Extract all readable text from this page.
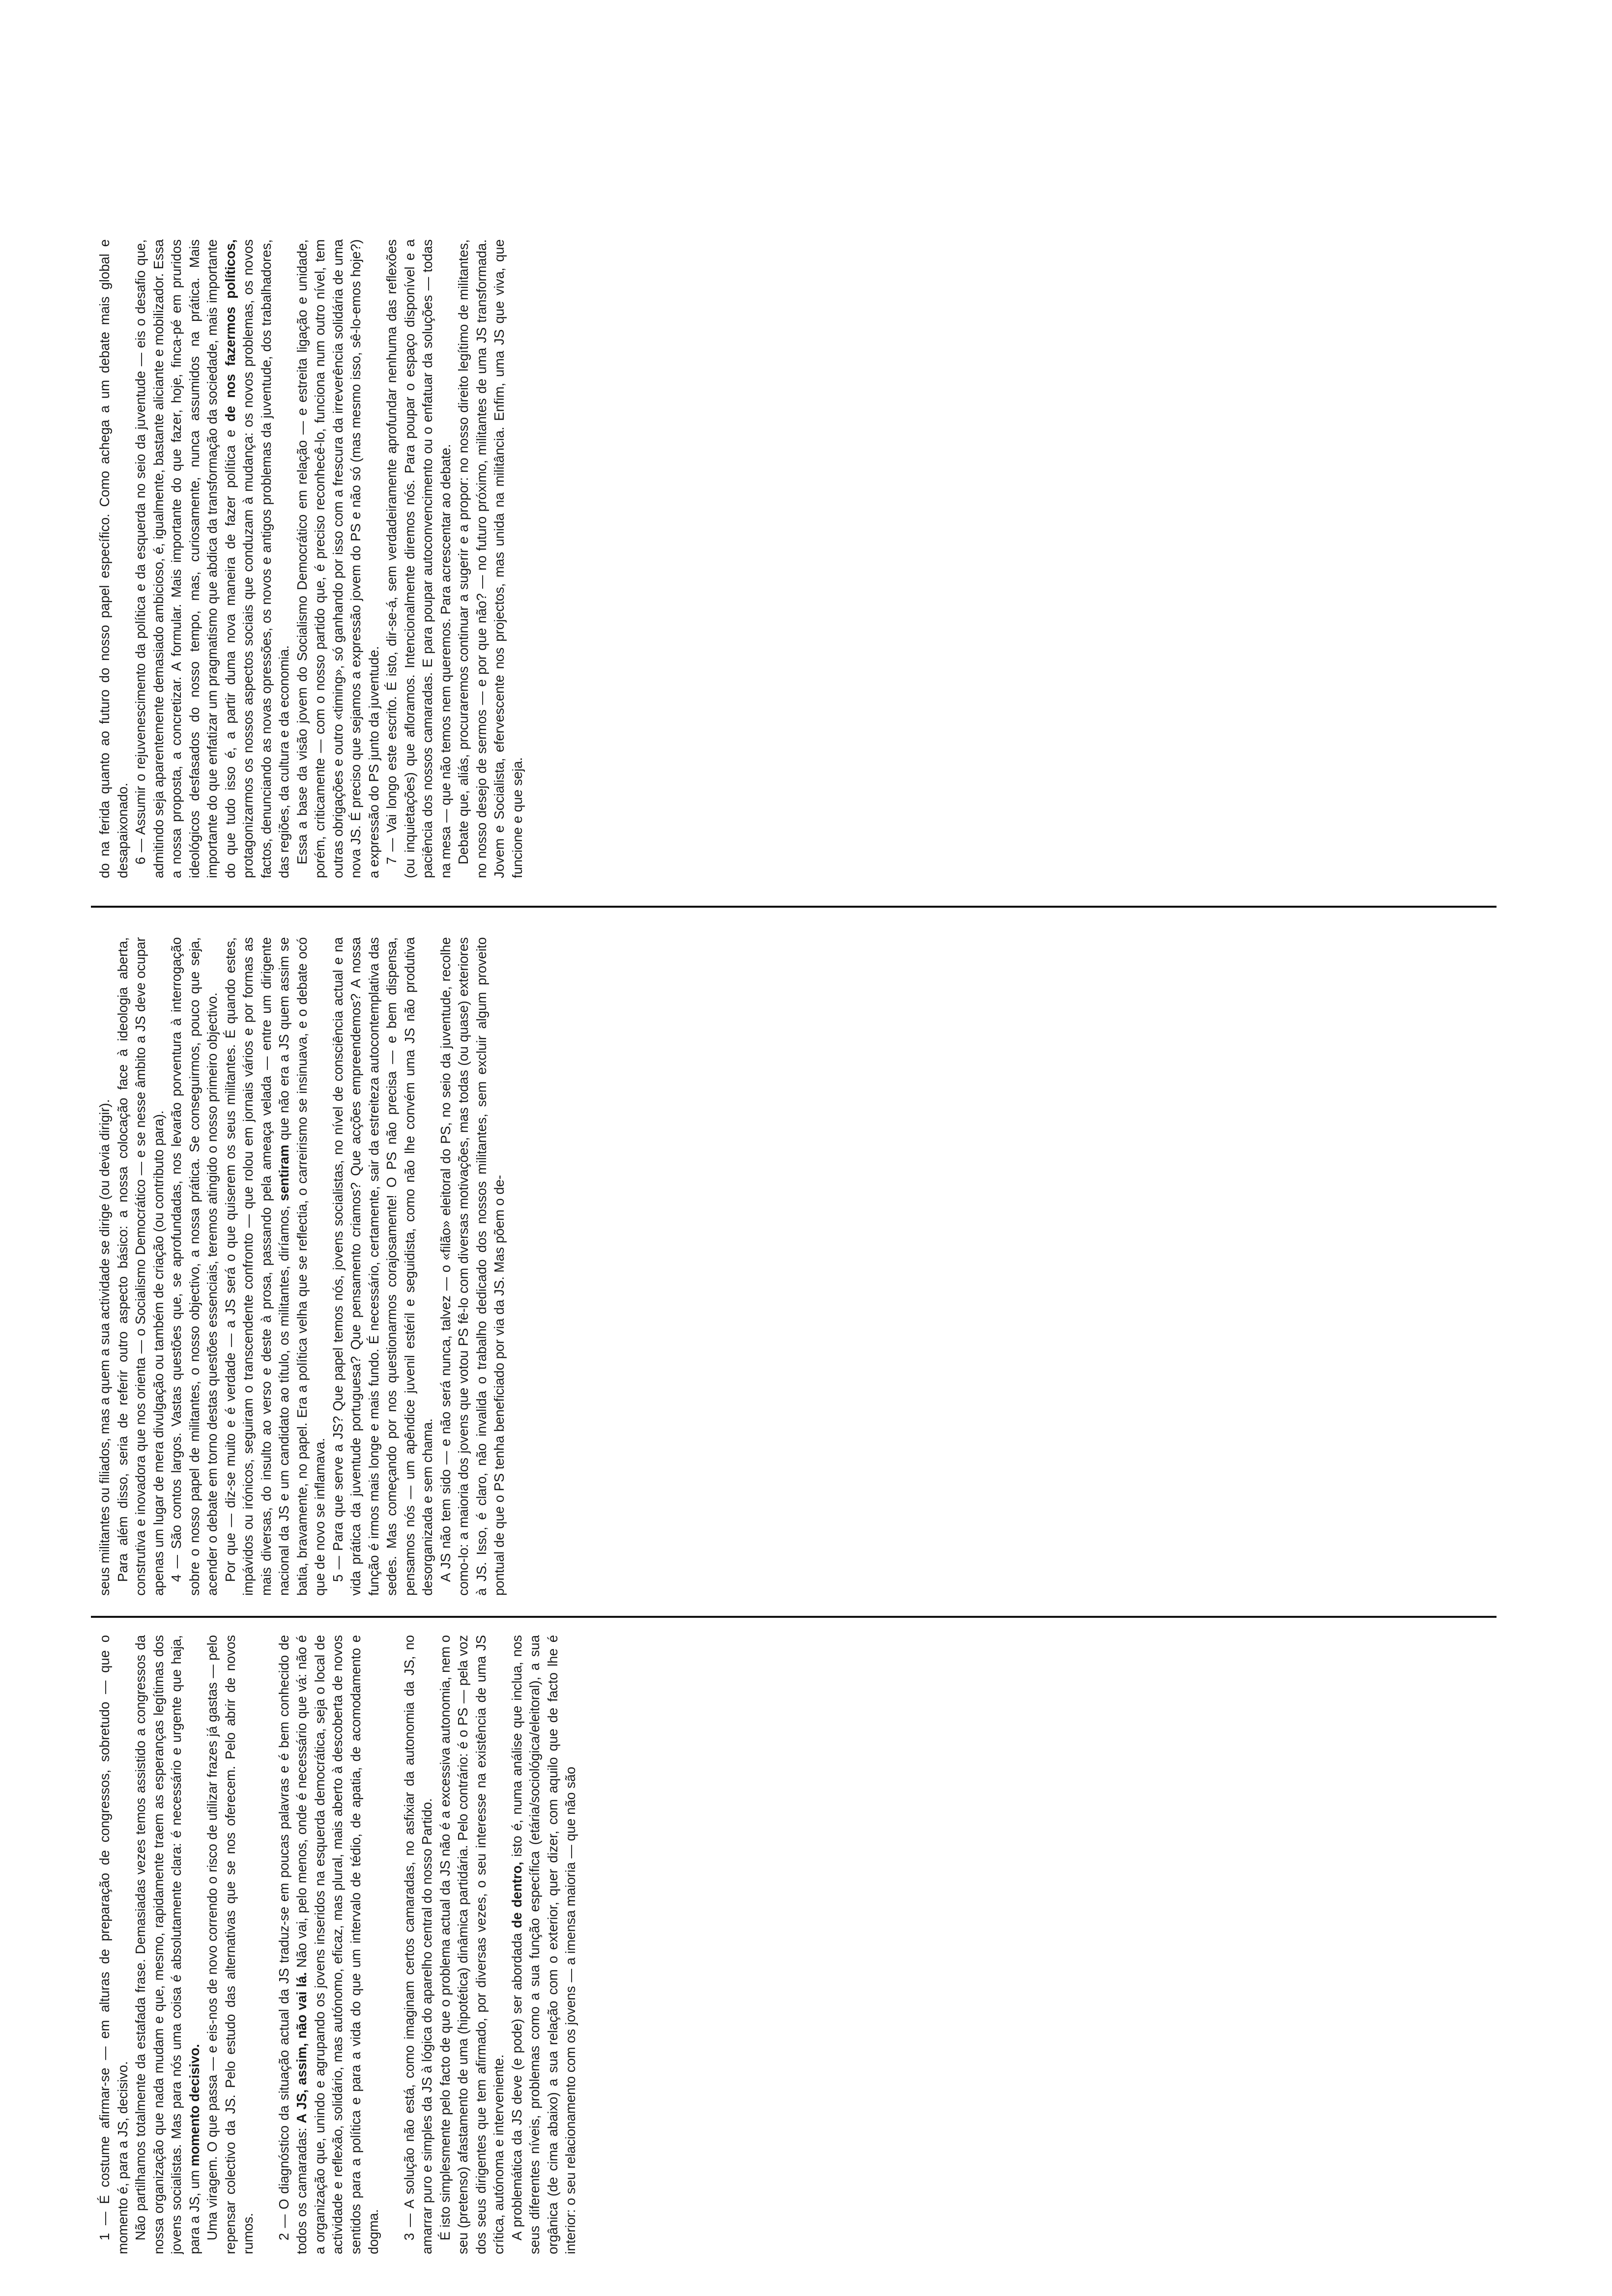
1 — É costume afirmar-se — em alturas de preparação de congressos, sobretudo — que o momento é, para a JS, decisivo. Não partilhamos totalmente da estafada frase. Demasiadas vezes temos assistido a congressos da nossa organização que nada mudam e que, mesmo, rapidamente traem as esperanças legítimas dos jovens socialistas. Mas para nós uma coisa é absolutamente clara: é necessário e urgente que haja, para a JS, um momento decisivo. Uma viragem. O que passa — e eis-nos de novo correndo o risco de utilizar frazes já gastas — pelo repensar colectivo da JS. Pelo estudo das alternativas que se nos oferecem. Pelo abrir de novos rumos. 2 — O diagnóstico da situação actual da JS traduz-se em poucas palavras e é bem conhecido de todos os camaradas: A JS, assim, não vai lá. Não vai, pelo menos, onde é necessário que vá: não é a organização que, unindo e agrupando os jovens inseridos na esquerda democrática, seja o local de actividade e reflexão, solidário, mas autónomo, eficaz, mas plural, mais aberto à descoberta de novos sentidos para a política e para a vida do que um intervalo de tédio, de apatia, de acomodamento e dogma. 3 — A solução não está, como imaginam certos camaradas, no asfixiar da autonomia da JS, no amarrar puro e simples da JS à lógica do aparelho central do nosso Partido. É isto simplesmente pelo facto de que o problema actual da JS não é a excessiva autonomia, nem o seu (pretenso) afastamento de uma (hipotética) dinâmica partidária. Pelo contrário: é o PS — pela voz dos seus dirigentes que tem afirmado, por diversas vezes, o seu interesse na existência de uma JS crítica, autónoma e interveniente. A problemática da JS deve (e pode) ser abordada de dentro, isto é, numa análise que inclua, nos seus diferentes níveis, problemas como a sua função específica (etária/sociológica/eleitoral), a sua orgânica (de cima abaixo) a sua relação com o exterior, quer dizer, com aquilo que de facto lhe é interior: o seu relacionamento com os jovens — a imensa maioria — que não são

seus militantes ou filiados, mas a quem a sua actividade se dirige (ou devia dirigir). Para além disso, seria de referir outro aspecto básico: a nossa colocação face à ideologia aberta, construtiva e inovadora que nos orienta — o Socialismo Democrático — e se nesse âmbito a JS deve ocupar apenas um lugar de mera divulgação ou também de criação (ou contributo para). 4 — São contos largos. Vastas questões que, se aprofundadas, nos levarão porventura à interrogação sobre o nosso papel de militantes, o nosso objectivo, a nossa prática. Se conseguirmos, pouco que seja, acender o debate em torno destas questões essenciais, teremos atingido o nosso primeiro objectivo. Por que — diz-se muito e é verdade — a JS será o que quiserem os seus militantes. É quando estes, impávidos ou irónicos, seguiram o transcendente confronto — que rolou em jornais vários e por formas as mais diversas, do insulto ao verso e deste à prosa, passando pela ameaça velada — entre um dirigente nacional da JS e um candidato ao título, os militantes, diríamos, sentiram que não era a JS quem assim se batia, bravamente, no papel. Era a política velha que se reflectia, o carreirismo se insinuava, e o debate ocó que de novo se inflamava. 5 — Para que serve a JS? Que papel temos nós, jovens socialistas, no nível de consciência actual e na vida prática da juventude portuguesa? Que pensamento criamos? Que acções empreendemos? A nossa função é irmos mais longe e mais fundo. É necessário, certamente, sair da estreiteza autocontemplativa das sedes. Mas começando por nos questionarmos corajosamente! O PS não precisa — e bem dispensa, pensamos nós — um apêndice juvenil estéril e seguidista, como não lhe convém uma JS não produtiva desorganizada e sem chama. A JS não tem sido — e não será nunca, talvez — o «filão» eleitoral do PS, no seio da juventude, recolhe como-lo: a maioria dos jovens que votou PS fê-lo com diversas motivações, mas todas (ou quase) exteriores à JS. Isso, é claro, não invalida o trabalho dedicado dos nossos militantes, sem excluir algum proveito pontual de que o PS tenha beneficiado por via da JS. Mas põem o de-

do na ferida quanto ao futuro do nosso papel específico. Como achega a um debate mais global e desapaixonado. 6 — Assumir o rejuvenescimento da política e da esquerda no seio da juventude — eis o desafio que, admitindo seja aparentemente demasiado ambicioso, é, igualmente, bastante aliciante e mobilizador. Essa a nossa proposta, a concretizar. A formular. Mais importante do que fazer, hoje, finca-pé em pruridos ideológicos desfasados do nosso tempo, mas, curiosamente, nunca assumidos na prática. Mais importante do que enfatizar um pragmatismo que abdica da transformação da sociedade, mais importante do que tudo isso é, a partir duma nova maneira de fazer política e de nos fazermos políticos, protagonizarmos os nossos aspectos sociais que conduzam à mudança: os novos problemas, os novos factos, denunciando as novas opressões, os novos e antigos problemas da juventude, dos trabalhadores, das regiões, da cultura e da economia. Essa a base da visão jovem do Socialismo Democrático em relação — e estreita ligação e unidade, porém, criticamente — com o nosso partido que, é preciso reconhecê-lo, funciona num outro nível, tem outras obrigações e outro «timing», só ganhando por isso com a frescura da irreverência solidária de uma nova JS. É preciso que sejamos a expressão jovem do PS e não só (mas mesmo isso, sê-lo-emos hoje?) a expressão do PS junto da juventude. 7 — Vai longo este escrito. É isto, dir-se-á, sem verdadeiramente aprofundar nenhuma das reflexões (ou inquietações) que afloramos. Intencionalmente diremos nós. Para poupar o espaço disponível e a paciência dos nossos camaradas. E para poupar autoconvencimento ou o enfatuar da soluções — todas na mesa — que não temos nem queremos. Para acrescentar ao debate. Debate que, aliás, procuraremos continuar a sugerir e a propor: no nosso direito legítimo de militantes, no nosso desejo de sermos — e por que não? — no futuro próximo, militantes de uma JS transformada. Jovem e Socialista, efervescente nos projectos, mas unida na militância. Enfim, uma JS que viva, que funcione e que seja.
